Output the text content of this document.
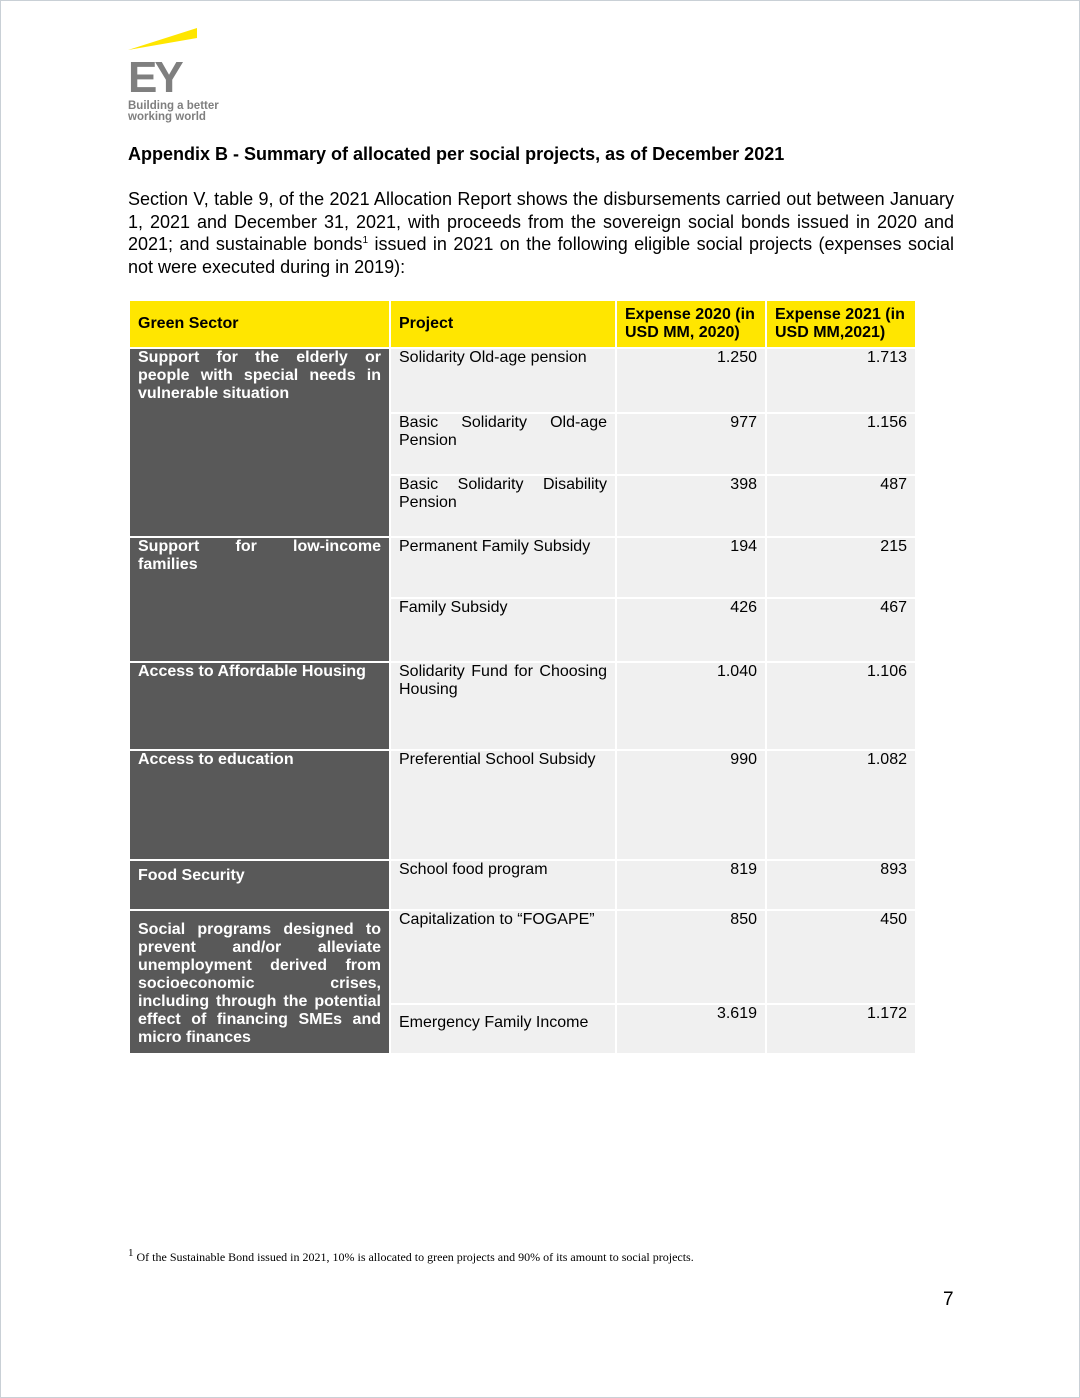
EY
Building a better
working world
Appendix B - Summary of allocated per social projects, as of December 2021
Section V, table 9, of the 2021 Allocation Report shows the disbursements carried out between January 1, 2021 and December 31, 2021, with proceeds from the sovereign social bonds issued in 2020 and 2021; and sustainable bonds$^1$ issued in 2021 on the following eligible social projects (expenses social not were executed during in 2019):
Green Sector	Project	Expense 2020 (in USD MM, 2020)	Expense 2021 (in USD MM,2021)
Support for the elderly or people with special needs in vulnerable situation	Solidarity Old-age pension	1.250	1.713
	Basic Solidarity Old-age Pension	977	1.156
	Basic Solidarity Disability Pension	398	487
Support for low-income families	Permanent Family Subsidy	194	215
	Family Subsidy	426	467
Access to Affordable Housing	Solidarity Fund for Choosing Housing	1.040	1.106
Access to education	Preferential School Subsidy	990	1.082
Food Security	School food program	819	893
Social programs designed to prevent and/or alleviate unemployment derived from socioeconomic crises, including through the potential effect of financing SMEs and micro finances	Capitalization to “FOGAPE”	850	450
	Emergency Family Income	3.619	1.172
$^1$ Of the Sustainable Bond issued in 2021, 10% is allocated to green projects and 90% of its amount to social projects.
7
